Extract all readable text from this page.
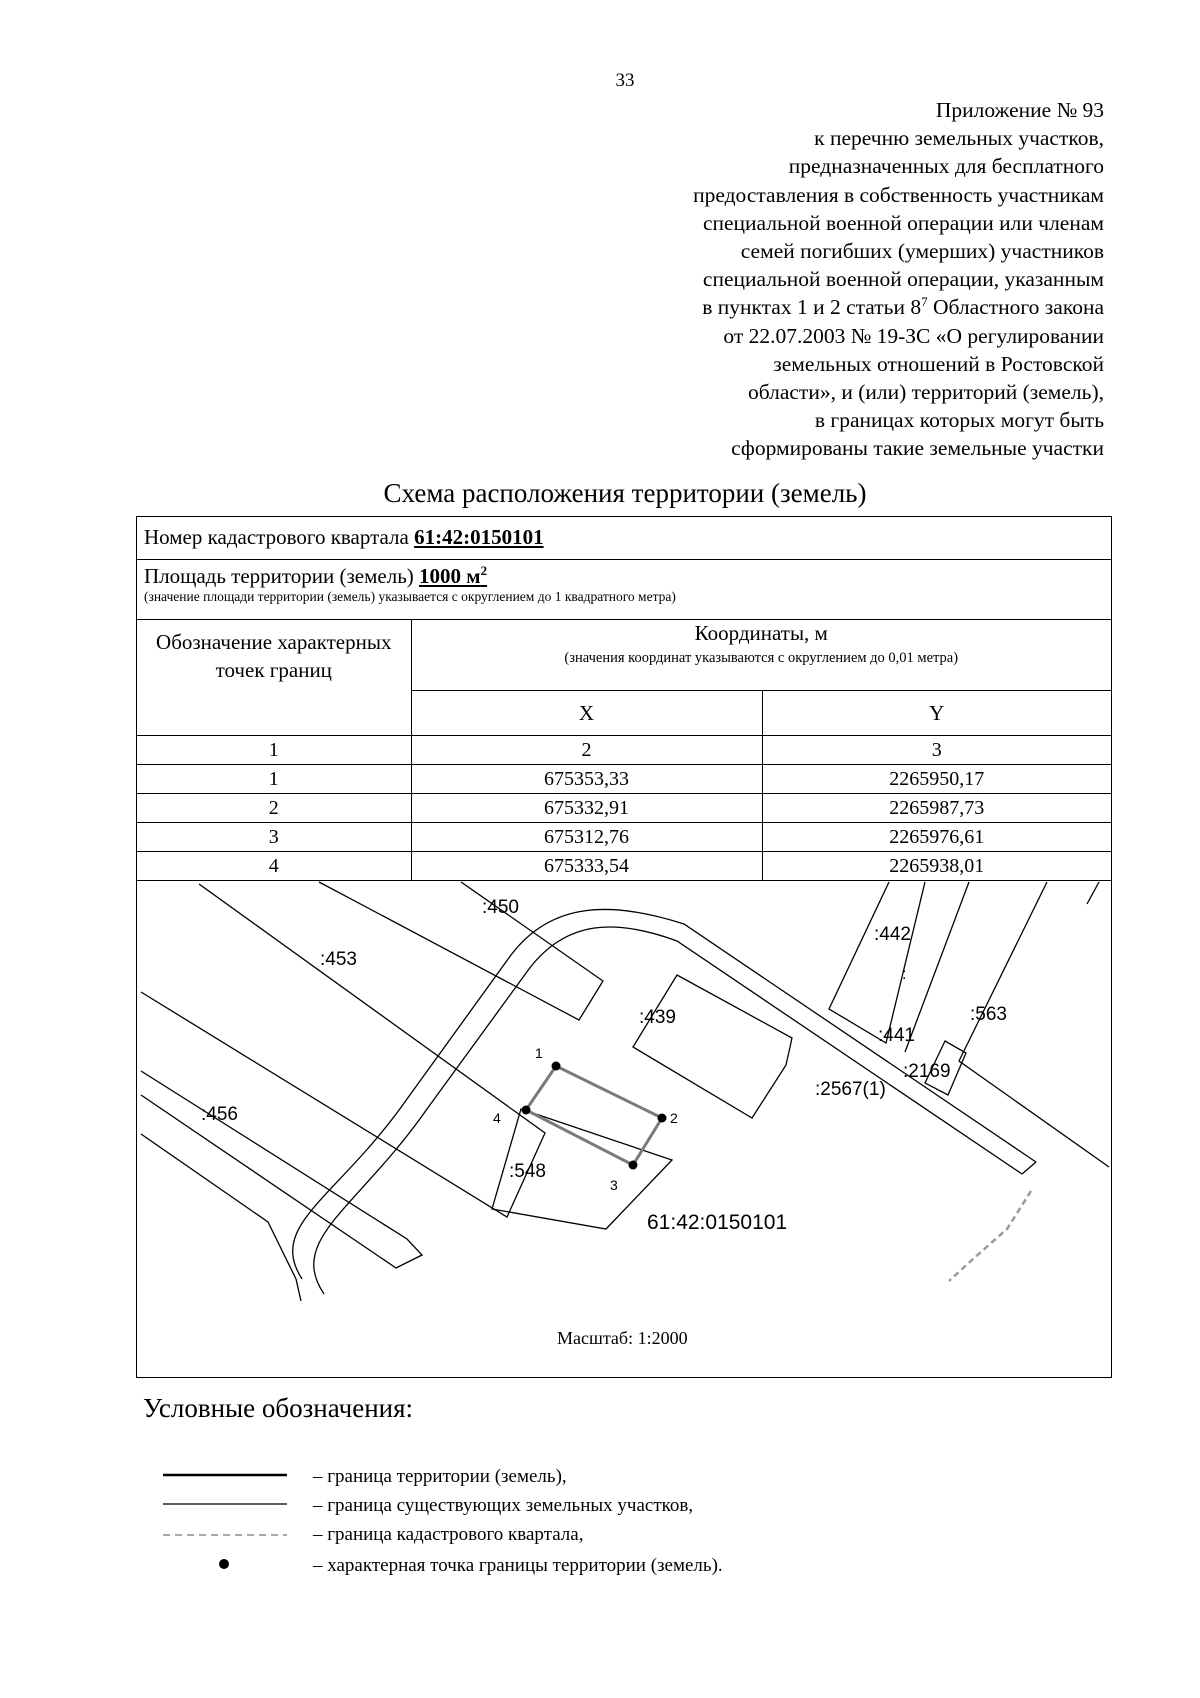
33
Приложение № 93
к перечню земельных участков,
предназначенных для бесплатного
предоставления в собственность участникам
специальной военной операции или членам
семей погибших (умерших) участников
специальной военной операции, указанным
в пунктах 1 и 2 статьи $8^7$ Областного закона
от 22.07.2003 № 19-ЗС «О регулировании
земельных отношений в Ростовской
области», и (или) территорий (земель),
в границах которых могут быть
сформированы такие земельные участки
Схема расположения территории (земель)
Номер кадастрового квартала 61:42:0150101
Площадь территории (земель) 1000 $м^2$
(значение площади территории (земель) указывается с округлением до 1 квадратного метра)
Обозначение характерных точек границ	Координаты, м
(значения координат указываются с округлением до 0,01 метра)	

	X	Y
1	2	3
1	675353,33	2265950,17
2	675332,91	2265987,73
3	675312,76	2265976,61
4	675333,54	2265938,01
:450
:453
:442
:439
:441
:563
:2169
:2567(1)
:456
:548
61:42:0150101
:
1
2
3
4
Масштаб: 1:2000
Условные обозначения:
– граница территории (земель),
– граница существующих земельных участков,
– граница кадастрового квартала,
– характерная точка границы территории (земель).
